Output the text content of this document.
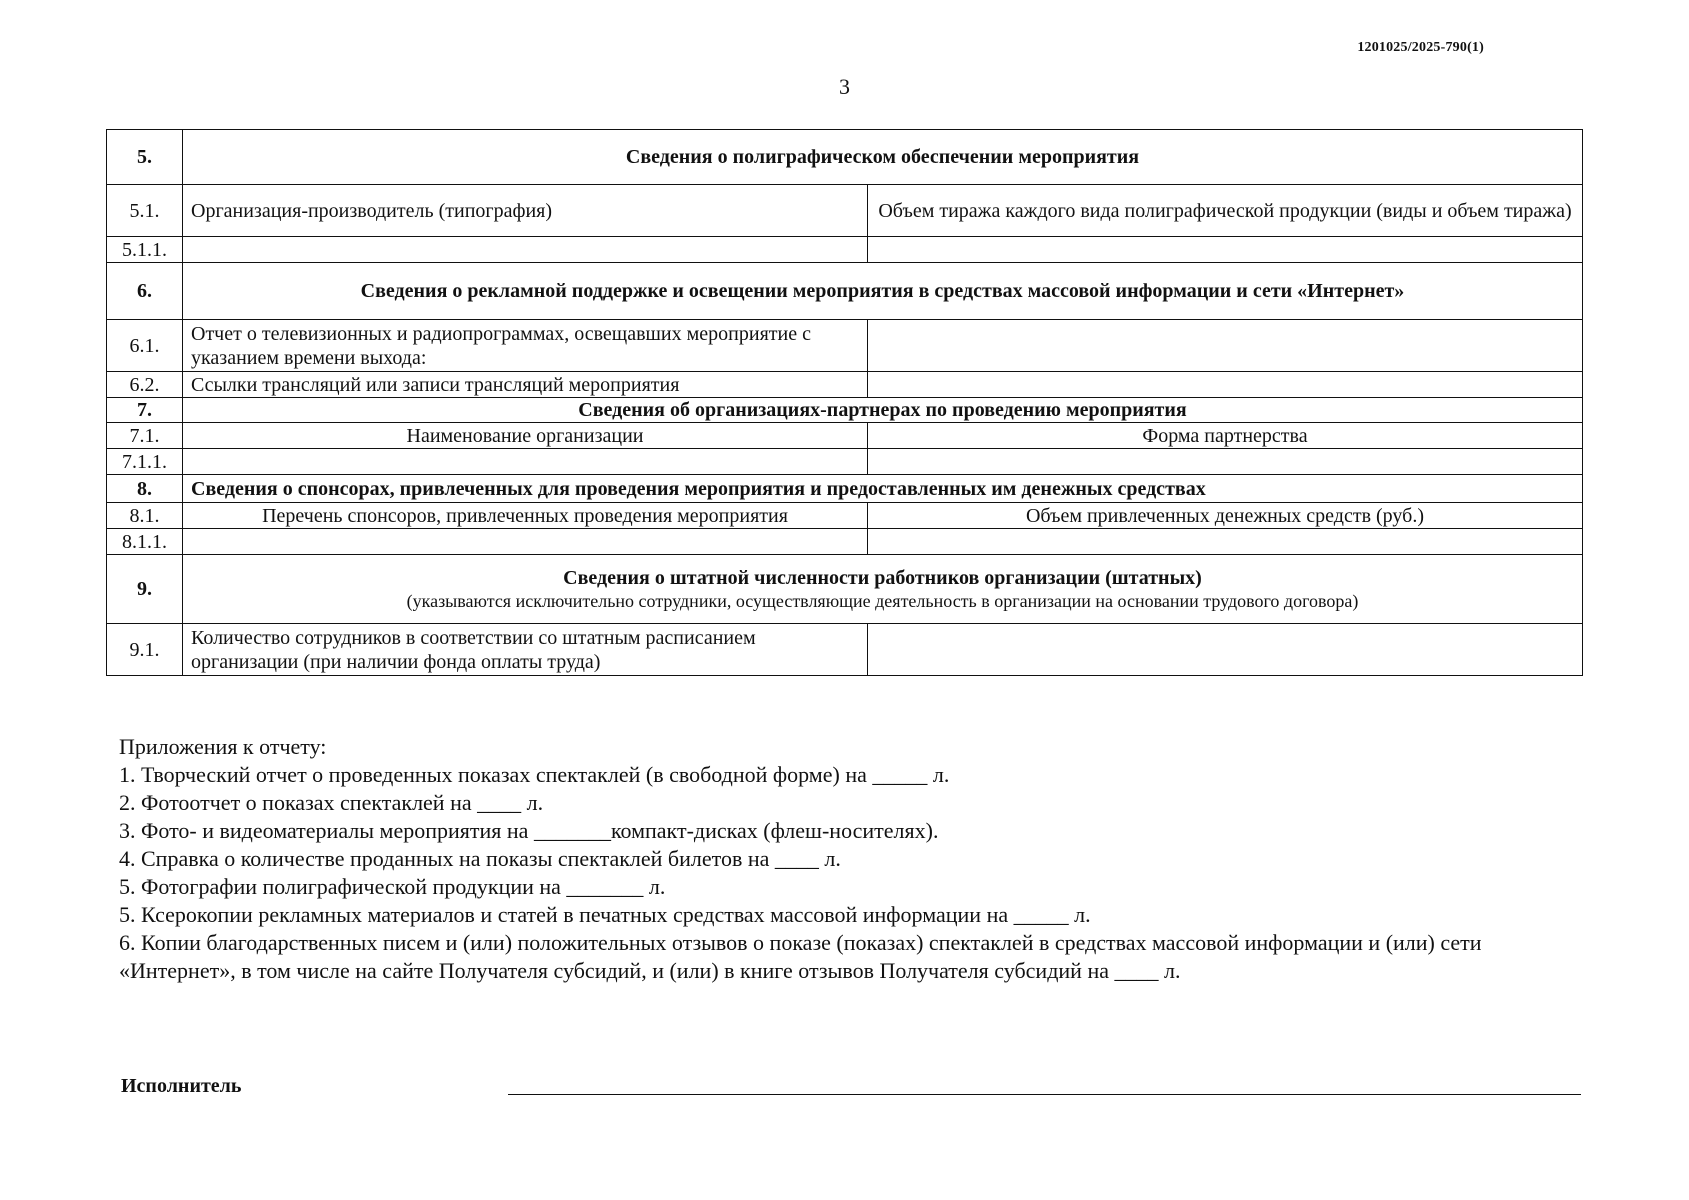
1201025/2025-790(1)
3
5.	Сведения о полиграфическом обеспечении мероприятия	
5.1.	Организация-производитель (типография)	Объем тиража каждого вида полиграфической продукции (виды и объем тиража)
5.1.1.		
6.	Сведения о рекламной поддержке и освещении мероприятия в средствах массовой информации и сети «Интернет»	
6.1.	Отчет о телевизионных и радиопрограммах, освещавших мероприятие с указанием времени выхода:	
6.2.	Ссылки трансляций или записи трансляций мероприятия	
7.	Сведения об организациях-партнерах по проведению мероприятия	
7.1.	Наименование организации	Форма партнерства
7.1.1.		
8.	Сведения о спонсорах, привлеченных для проведения мероприятия и предоставленных им денежных средствах	
8.1.	Перечень спонсоров, привлеченных проведения мероприятия	Объем привлеченных денежных средств (руб.)
8.1.1.		
9.	Сведения о штатной численности работников организации (штатных)
(указываются исключительно сотрудники, осуществляющие деятельность в организации на основании трудового договора)	

9.1.	Количество сотрудников в соответствии со штатным расписанием организации (при наличии фонда оплаты труда)	
Приложения к отчету:
1. Творческий отчет о проведенных показах спектаклей (в свободной форме) на _____ л.
2. Фотоотчет о показах спектаклей на ____ л.
3. Фото- и видеоматериалы мероприятия на _______компакт-дисках (флеш-носителях).
4. Справка о количестве проданных на показы спектаклей билетов на ____ л.
5. Фотографии полиграфической продукции на _______ л.
5. Ксерокопии рекламных материалов и статей в печатных средствах массовой информации на _____ л.
6. Копии благодарственных писем и (или) положительных отзывов о показе (показах) спектаклей в средствах массовой информации и (или) сети «Интернет», в том числе на сайте Получателя субсидий, и (или) в книге отзывов Получателя субсидий на ____ л.
Исполнитель
